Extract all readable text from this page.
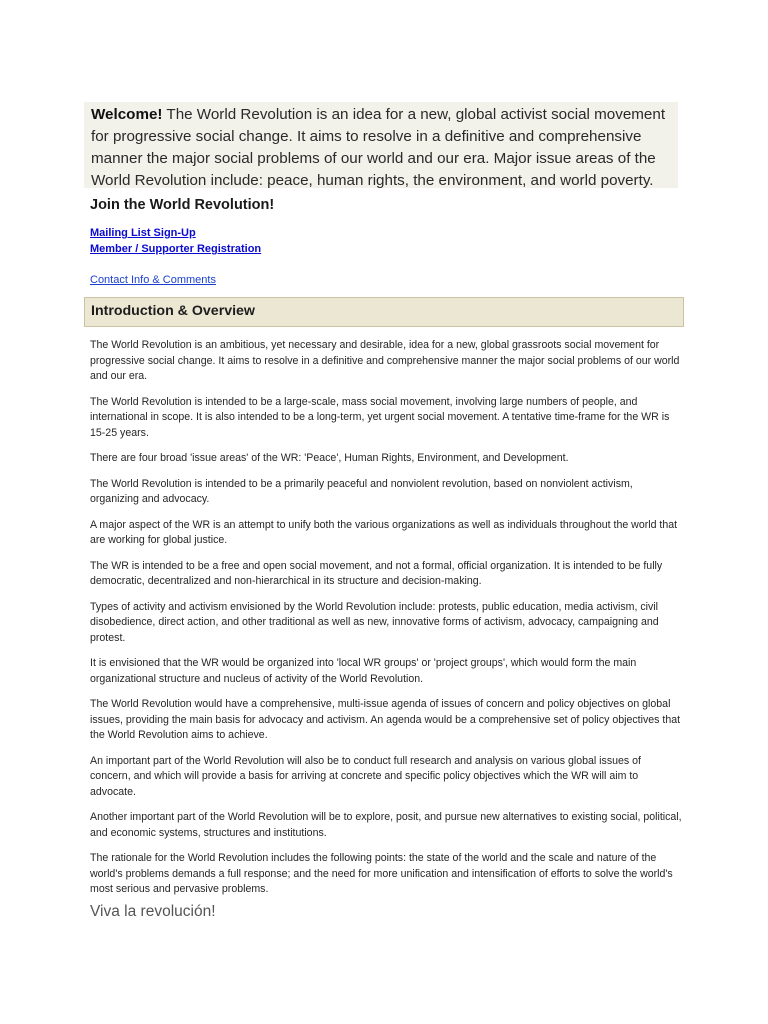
Welcome! The World Revolution is an idea for a new, global activist social movement for progressive social change. It aims to resolve in a definitive and comprehensive manner the major social problems of our world and our era. Major issue areas of the World Revolution include: peace, human rights, the environment, and world poverty.
Join the World Revolution!
Mailing List Sign-Up
Member / Supporter Registration
Contact Info & Comments
Introduction & Overview

The World Revolution is an ambitious, yet necessary and desirable, idea for a new, global grassroots social movement for progressive social change. It aims to resolve in a definitive and comprehensive manner the major social problems of our world and our era.

The World Revolution is intended to be a large-scale, mass social movement, involving large numbers of people, and international in scope. It is also intended to be a long-term, yet urgent social movement. A tentative time-frame for the WR is 15-25 years.

There are four broad 'issue areas' of the WR: 'Peace', Human Rights, Environment, and Development.

The World Revolution is intended to be a primarily peaceful and nonviolent revolution, based on nonviolent activism, organizing and advocacy.

A major aspect of the WR is an attempt to unify both the various organizations as well as individuals throughout the world that are working for global justice.

The WR is intended to be a free and open social movement, and not a formal, official organization. It is intended to be fully democratic, decentralized and non-hierarchical in its structure and decision-making.

Types of activity and activism envisioned by the World Revolution include: protests, public education, media activism, civil disobedience, direct action, and other traditional as well as new, innovative forms of activism, advocacy, campaigning and protest.

It is envisioned that the WR would be organized into 'local WR groups' or 'project groups', which would form the main organizational structure and nucleus of activity of the World Revolution.

The World Revolution would have a comprehensive, multi-issue agenda of issues of concern and policy objectives on global issues, providing the main basis for advocacy and activism. An agenda would be a comprehensive set of policy objectives that the World Revolution aims to achieve.

An important part of the World Revolution will also be to conduct full research and analysis on various global issues of concern, and which will provide a basis for arriving at concrete and specific policy objectives which the WR will aim to advocate.

Another important part of the World Revolution will be to explore, posit, and pursue new alternatives to existing social, political, and economic systems, structures and institutions.

The rationale for the World Revolution includes the following points: the state of the world and the scale and nature of the world's problems demands a full response; and the need for more unification and intensification of efforts to solve the world's most serious and pervasive problems.

Viva la revolución!
